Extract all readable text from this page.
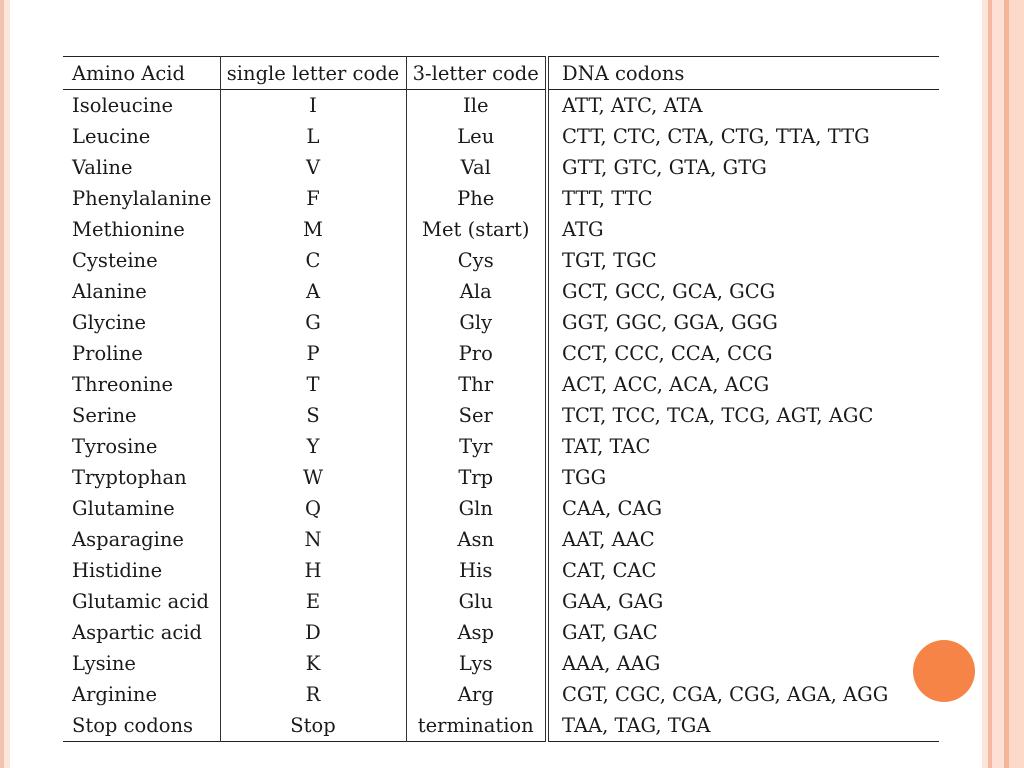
Amino Acid	single letter code	3-letter code	DNA codons
Isoleucine	I	Ile	ATT, ATC, ATA
Leucine	L	Leu	CTT, CTC, CTA, CTG, TTA, TTG
Valine	V	Val	GTT, GTC, GTA, GTG
Phenylalanine	F	Phe	TTT, TTC
Methionine	M	Met (start)	ATG
Cysteine	C	Cys	TGT, TGC
Alanine	A	Ala	GCT, GCC, GCA, GCG
Glycine	G	Gly	GGT, GGC, GGA, GGG
Proline	P	Pro	CCT, CCC, CCA, CCG
Threonine	T	Thr	ACT, ACC, ACA, ACG
Serine	S	Ser	TCT, TCC, TCA, TCG, AGT, AGC
Tyrosine	Y	Tyr	TAT, TAC
Tryptophan	W	Trp	TGG
Glutamine	Q	Gln	CAA, CAG
Asparagine	N	Asn	AAT, AAC
Histidine	H	His	CAT, CAC
Glutamic acid	E	Glu	GAA, GAG
Aspartic acid	D	Asp	GAT, GAC
Lysine	K	Lys	AAA, AAG
Arginine	R	Arg	CGT, CGC, CGA, CGG, AGA, AGG
Stop codons	Stop	termination	TAA, TAG, TGA
